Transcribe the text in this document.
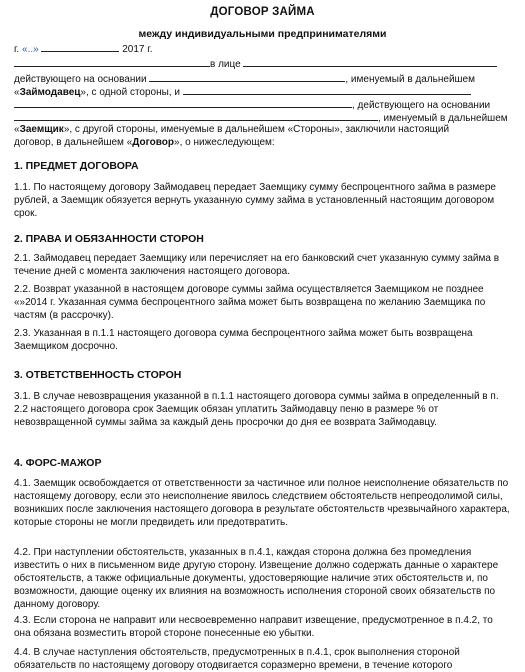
ДОГОВОР ЗАЙМА
между индивидуальными предпринимателями
г. «..»	2017 г.
в лице
действующего на основании	, именуемый в дальнейшем
«Займодавец», с одной стороны, и
, действующего на основании
, именуемый в дальнейшем
«Заемщик», с другой стороны, именуемые в дальнейшем «Стороны», заключили настоящий
договор, в дальнейшем «Договор», о нижеследующем:
1. ПРЕДМЕТ ДОГОВОРА
1.1. По настоящему договору Займодавец передает Заемщику сумму беспроцентного займа в размере рублей, а Заемщик обязуется вернуть указанную сумму займа в установленный настоящим договором срок.
2. ПРАВА И ОБЯЗАННОСТИ СТОРОН
2.1. Займодавец передает Заемщику или перечисляет на его банковский счет указанную сумму займа в течение дней с момента заключения настоящего договора.
2.2. Возврат указанной в настоящем договоре суммы займа осуществляется Заемщиком не позднее «»2014 г. Указанная сумма беспроцентного займа может быть возвращена по желанию Заемщика по частям (в рассрочку).
2.3. Указанная в п.1.1 настоящего договора сумма беспроцентного займа может быть возвращена Заемщиком досрочно.
3. ОТВЕТСТВЕННОСТЬ СТОРОН
3.1. В случае невозвращения указанной в п.1.1 настоящего договора суммы займа в определенный в п. 2.2 настоящего договора срок Заемщик обязан уплатить Займодавцу пеню в размере % от невозвращенной суммы займа за каждый день просрочки до дня ее возврата Займодавцу.
4. ФОРС-МАЖОР
4.1. Заемщик освобождается от ответственности за частичное или полное неисполнение обязательств по настоящему договору, если это неисполнение явилось следствием обстоятельств непреодолимой силы, возникших после заключения настоящего договора в результате обстоятельств чрезвычайного характера, которые стороны не могли предвидеть или предотвратить.
4.2. При наступлении обстоятельств, указанных в п.4.1, каждая сторона должна без промедления известить о них в письменном виде другую сторону. Извещение должно содержать данные о характере обстоятельств, а также официальные документы, удостоверяющие наличие этих обстоятельств и, по возможности, дающие оценку их влияния на возможность исполнения стороной своих обязательств по данному договору.
4.3. Если сторона не направит или несвоевременно направит извещение, предусмотренное в п.4.2, то она обязана возместить второй стороне понесенные ею убытки.
4.4. В случае наступления обстоятельств, предусмотренных в п.4.1, срок выполнения стороной обязательств по настоящему договору отодвигается соразмерно времени, в течение которого
